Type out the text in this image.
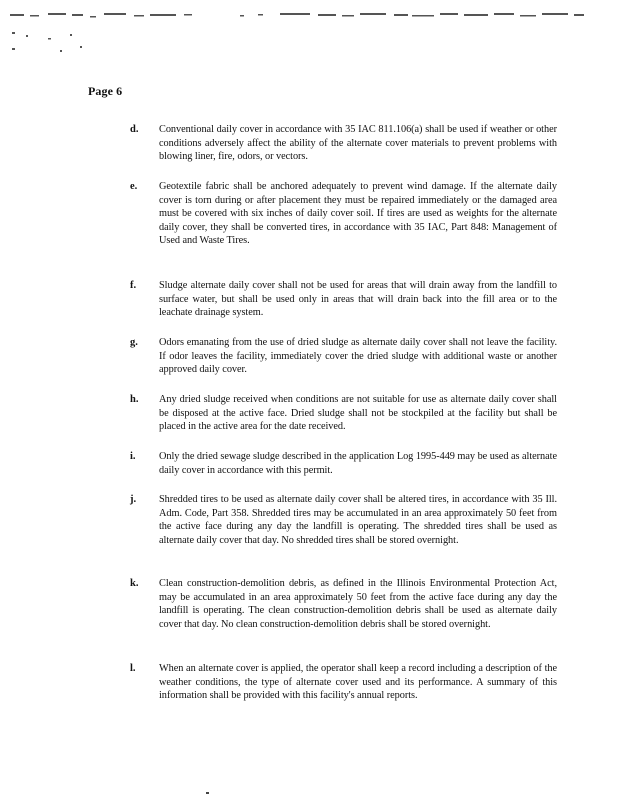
Page 6
d. Conventional daily cover in accordance with 35 IAC 811.106(a) shall be used if weather or other conditions adversely affect the ability of the alternate cover materials to prevent problems with blowing liner, fire, odors, or vectors.
e. Geotextile fabric shall be anchored adequately to prevent wind damage. If the alternate daily cover is torn during or after placement they must be repaired immediately or the damaged area must be covered with six inches of daily cover soil. If tires are used as weights for the alternate daily cover, they shall be converted tires, in accordance with 35 IAC, Part 848: Management of Used and Waste Tires.
f. Sludge alternate daily cover shall not be used for areas that will drain away from the landfill to surface water, but shall be used only in areas that will drain back into the fill area or to the leachate drainage system.
g. Odors emanating from the use of dried sludge as alternate daily cover shall not leave the facility. If odor leaves the facility, immediately cover the dried sludge with additional waste or another approved daily cover.
h. Any dried sludge received when conditions are not suitable for use as alternate daily cover shall be disposed at the active face. Dried sludge shall not be stockpiled at the facility but shall be placed in the active area for the date received.
i. Only the dried sewage sludge described in the application Log 1995-449 may be used as alternate daily cover in accordance with this permit.
j. Shredded tires to be used as alternate daily cover shall be altered tires, in accordance with 35 Ill. Adm. Code, Part 358. Shredded tires may be accumulated in an area approximately 50 feet from the active face during any day the landfill is operating. The shredded tires shall be used as alternate daily cover that day. No shredded tires shall be stored overnight.
k. Clean construction-demolition debris, as defined in the Illinois Environmental Protection Act, may be accumulated in an area approximately 50 feet from the active face during any day the landfill is operating. The clean construction-demolition debris shall be used as alternate daily cover that day. No clean construction-demolition debris shall be stored overnight.
l. When an alternate cover is applied, the operator shall keep a record including a description of the weather conditions, the type of alternate cover used and its performance. A summary of this information shall be provided with this facility's annual reports.
